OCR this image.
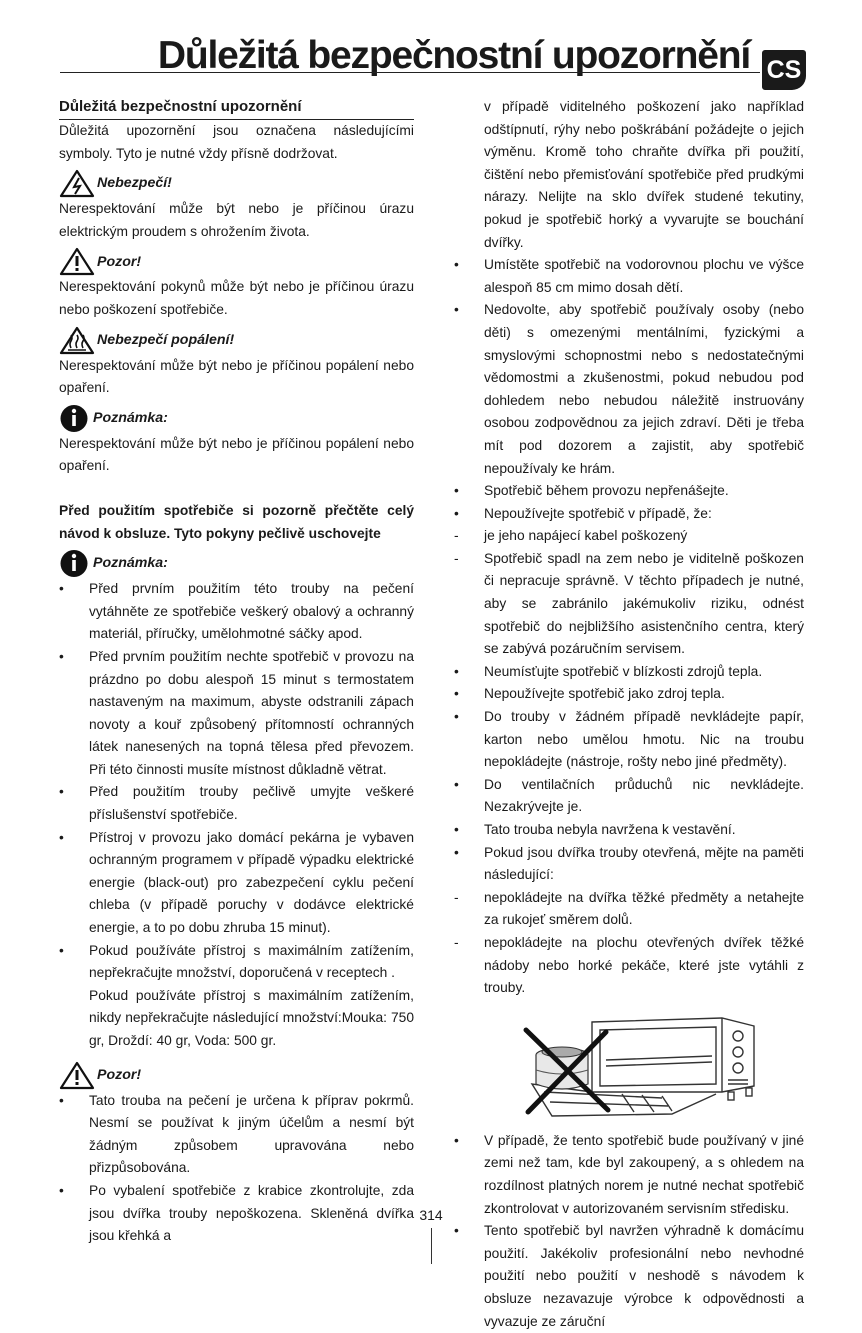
Důležitá bezpečnostní upozornění CS

Důležitá bezpečnostní upozornění

Důležitá upozornění jsou označena následujícími symboly. Tyto je nutné vždy přísně dodržovat.

Nebezpečí!

Nerespektování může být nebo je příčinou úrazu elektrickým proudem s ohrožením života.

Pozor!

Nerespektování pokynů může být nebo je příčinou úrazu nebo poškození spotřebiče.

Nebezpečí popálení!

Nerespektování může být nebo je příčinou popálení nebo opaření.

Poznámka:

Nerespektování může být nebo je příčinou popálení nebo opaření.

Před použitím spotřebiče si pozorně přečtěte celý návod k obsluze. Tyto pokyny pečlivě uschovejte

Poznámka:
•	Před prvním použitím této trouby na pečení vytáhněte ze spotřebiče veškerý obalový a ochranný materiál, příručky, umělohmotné sáčky apod.
•	Před prvním použitím nechte spotřebič v provozu na prázdno po dobu alespoň 15 minut s termostatem nastaveným na maximum, abyste odstranili zápach novoty a kouř způsobený přítomností ochranných látek nanesených na topná tělesa před převozem. Při této činnosti musíte místnost důkladně větrat.
•	Před použitím trouby pečlivě umyjte veškeré příslušenství spotřebiče.
•	Přístroj v provozu jako domácí pekárna je vybaven ochranným programem v případě výpadku elektrické energie (black-out) pro zabezpečení cyklu pečení chleba (v případě poruchy v dodávce elektrické energie, a to po dobu zhruba 15 minut).
•	Pokud používáte přístroj s maximálním zatížením, nepřekračujte množství, doporučená v receptech .
Pokud používáte přístroj s maximálním zatížením, nikdy nepřekračujte následující množství:Mouka: 750 gr, Droždí: 40 gr, Voda: 500 gr.
Pozor!
•	Tato trouba na pečení je určena k příprav pokrmů. Nesmí se používat k jiným účelům a nesmí být žádným způsobem upravována nebo přizpůsobována.
•	Po vybalení spotřebiče z krabice zkontrolujte, zda jsou dvířka trouby nepoškozena. Skleněná dvířka jsou křehká a
v případě viditelného poškození jako například odštípnutí, rýhy nebo poškrábání požádejte o jejich výměnu. Kromě toho chraňte dvířka při použití, čištění nebo přemisťování spotřebiče před prudkými nárazy. Nelijte na sklo dvířek studené tekutiny, pokud je spotřebič horký a vyvarujte se bouchání dvířky.
•	Umístěte spotřebič na vodorovnou plochu ve výšce alespoň 85 cm mimo dosah dětí.
•	Nedovolte, aby spotřebič používaly osoby (nebo děti) s omezenými mentálními, fyzickými a smyslovými schopnostmi nebo s nedostatečnými vědomostmi a zkušenostmi, pokud nebudou pod dohledem nebo nebudou náležitě instruovány osobou zodpovědnou za jejich zdraví. Děti je třeba mít pod dozorem a zajistit, aby spotřebič nepoužívaly ke hrám.
•	Spotřebič během provozu nepřenášejte.
•	Nepoužívejte spotřebič v případě, že:
-	je jeho napájecí kabel poškozený
-	Spotřebič spadl na zem nebo je viditelně poškozen či nepracuje správně. V těchto případech je nutné, aby se zabránilo jakémukoliv riziku, odnést spotřebič do nejbližšího asistenčního centra, který se zabývá pozáručním servisem.
•	Neumísťujte spotřebič v blízkosti zdrojů tepla.
•	Nepoužívejte spotřebič jako zdroj tepla.
•	Do trouby v žádném případě nevkládejte papír, karton nebo umělou hmotu. Nic na troubu nepokládejte (nástroje, rošty nebo jiné předměty).
•	Do ventilačních průduchů nic nevkládejte. Nezakrývejte je.
•	Tato trouba nebyla navržena k vestavění.
•	Pokud jsou dvířka trouby otevřená, mějte na paměti následující:
-	nepokládejte na dvířka těžké předměty a netahejte za rukojeť směrem dolů.
-	nepokládejte na plochu otevřených dvířek těžké nádoby nebo horké pekáče, které jste vytáhli z trouby.
•	V případě, že tento spotřebič bude používaný v jiné zemi než tam, kde byl zakoupený, a s ohledem na rozdílnost platných norem je nutné nechat spotřebič zkontrolovat v autorizovaném servisním středisku.
•	Tento spotřebič byl navržen výhradně k domácímu použití. Jakékoliv profesionální nebo nevhodné použití nebo použití v neshodě s návodem k obsluze nezavazuje výrobce k odpovědnosti a vyvazuje ze záruční
314
